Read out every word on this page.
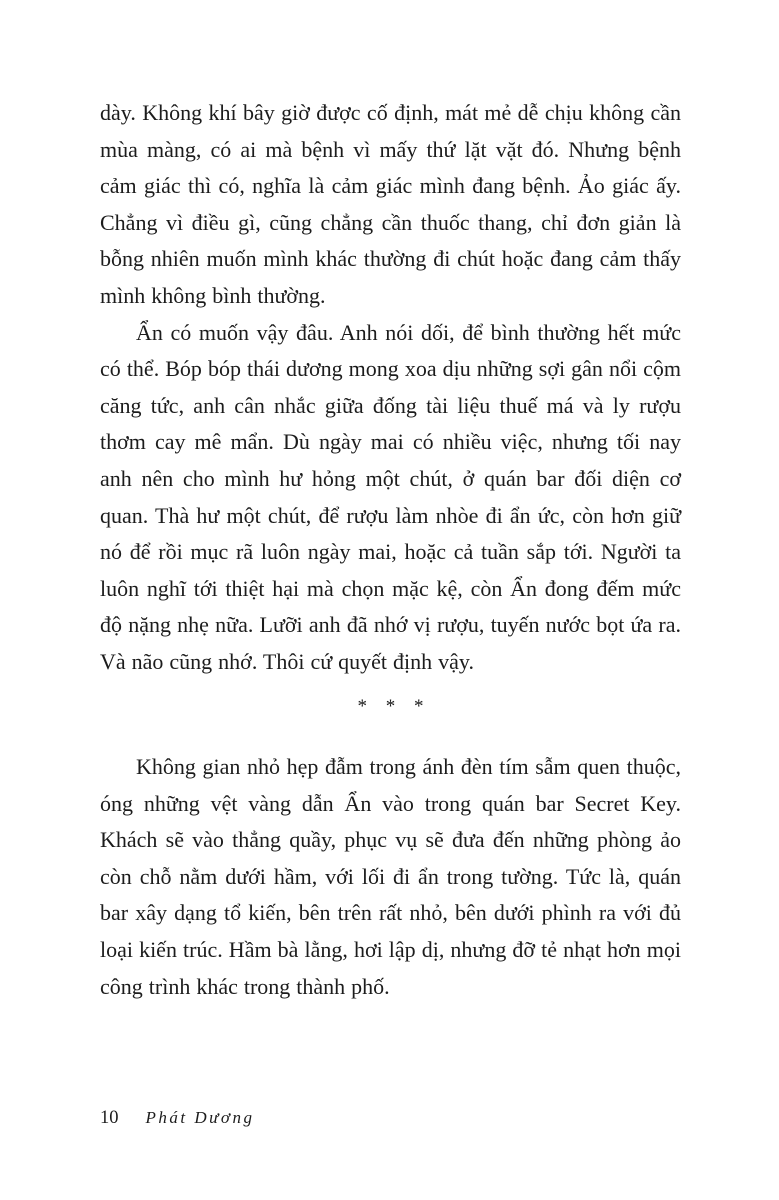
dày. Không khí bây giờ được cố định, mát mẻ dễ chịu không cần mùa màng, có ai mà bệnh vì mấy thứ lặt vặt đó. Nhưng bệnh cảm giác thì có, nghĩa là cảm giác mình đang bệnh. Ảo giác ấy. Chẳng vì điều gì, cũng chẳng cần thuốc thang, chỉ đơn giản là bỗng nhiên muốn mình khác thường đi chút hoặc đang cảm thấy mình không bình thường.

Ẩn có muốn vậy đâu. Anh nói dối, để bình thường hết mức có thể. Bóp bóp thái dương mong xoa dịu những sợi gân nổi cộm căng tức, anh cân nhắc giữa đống tài liệu thuế má và ly rượu thơm cay mê mẩn. Dù ngày mai có nhiều việc, nhưng tối nay anh nên cho mình hư hỏng một chút, ở quán bar đối diện cơ quan. Thà hư một chút, để rượu làm nhòe đi ẩn ức, còn hơn giữ nó để rồi mục rã luôn ngày mai, hoặc cả tuần sắp tới. Người ta luôn nghĩ tới thiệt hại mà chọn mặc kệ, còn Ẩn đong đếm mức độ nặng nhẹ nữa. Lưỡi anh đã nhớ vị rượu, tuyến nước bọt ứa ra. Và não cũng nhớ. Thôi cứ quyết định vậy.

* * *

Không gian nhỏ hẹp đẫm trong ánh đèn tím sẫm quen thuộc, óng những vệt vàng dẫn Ẩn vào trong quán bar Secret Key. Khách sẽ vào thẳng quầy, phục vụ sẽ đưa đến những phòng ảo còn chỗ nằm dưới hầm, với lối đi ẩn trong tường. Tức là, quán bar xây dạng tổ kiến, bên trên rất nhỏ, bên dưới phình ra với đủ loại kiến trúc. Hầm bà lằng, hơi lập dị, nhưng đỡ tẻ nhạt hơn mọi công trình khác trong thành phố.

10 Phát Dương
